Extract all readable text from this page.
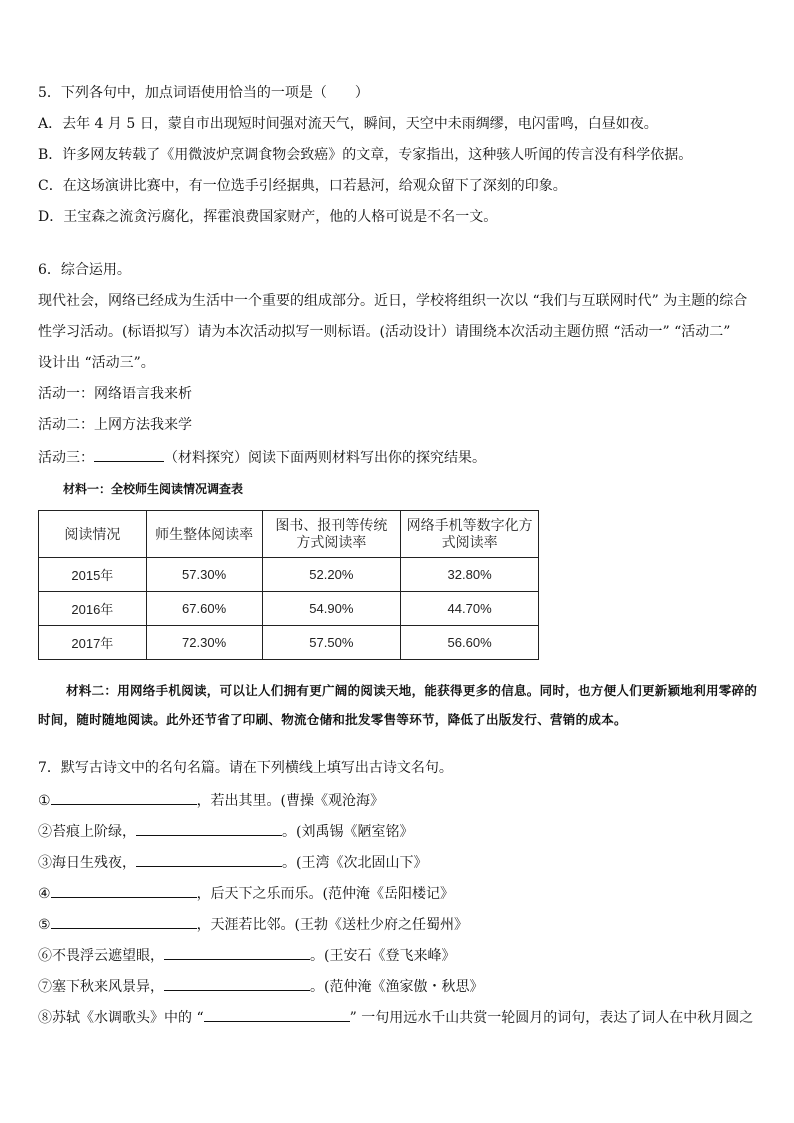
5．下列各句中，加点词语使用恰当的一项是（　　）
A．去年 4 月 5 日，蒙自市出现短时间强对流天气，瞬间，天空中未雨绸缪，电闪雷鸣，白昼如夜。
B．许多网友转载了《用微波炉烹调食物会致癌》的文章，专家指出，这种骇人听闻的传言没有科学依据。
C．在这场演讲比赛中，有一位选手引经据典，口若悬河，给观众留下了深刻的印象。
D．王宝森之流贪污腐化，挥霍浪费国家财产，他的人格可说是不名一文。
6．综合运用。
现代社会，网络已经成为生活中一个重要的组成部分。近日，学校将组织一次以 “我们与互联网时代” 为主题的综合
性学习活动。(标语拟写）请为本次活动拟写一则标语。(活动设计）请围绕本次活动主题仿照 “活动一” “活动二”
设计出 “活动三”。
活动一：网络语言我来析
活动二：上网方法我来学
活动三：	（材料探究）阅读下面两则材料写出你的探究结果。
材料一：全校师生阅读情况调查表
阅读情况	师生整体阅读率	图书、报刊等传统方式阅读率	网络手机等数字化方式阅读率

2015年	57.30%	52.20%	32.80%
2016年	67.60%	54.90%	44.70%
2017年	72.30%	57.50%	56.60%
材料二：用网络手机阅读，可以让人们拥有更广阔的阅读天地，能获得更多的信息。同时，也方便人们更新颖地利用零碎的时间，随时随地阅读。此外还节省了印刷、物流仓储和批发零售等环节，降低了出版发行、营销的成本。
7．默写古诗文中的名句名篇。请在下列横线上填写出古诗文名句。
①	，若出其里。(曹操《观沧海》
②苔痕上阶绿，	。(刘禹锡《陋室铭》
③海日生残夜，	。(王湾《次北固山下》
④	，后天下之乐而乐。(范仲淹《岳阳楼记》
⑤	，天涯若比邻。(王勃《送杜少府之任蜀州》
⑥不畏浮云遮望眼，	。(王安石《登飞来峰》
⑦塞下秋来风景异，	。(范仲淹《渔家傲・秋思》
⑧苏轼《水调歌头》中的 “	” 一句用远水千山共赏一轮圆月的词句，表达了词人在中秋月圆之
